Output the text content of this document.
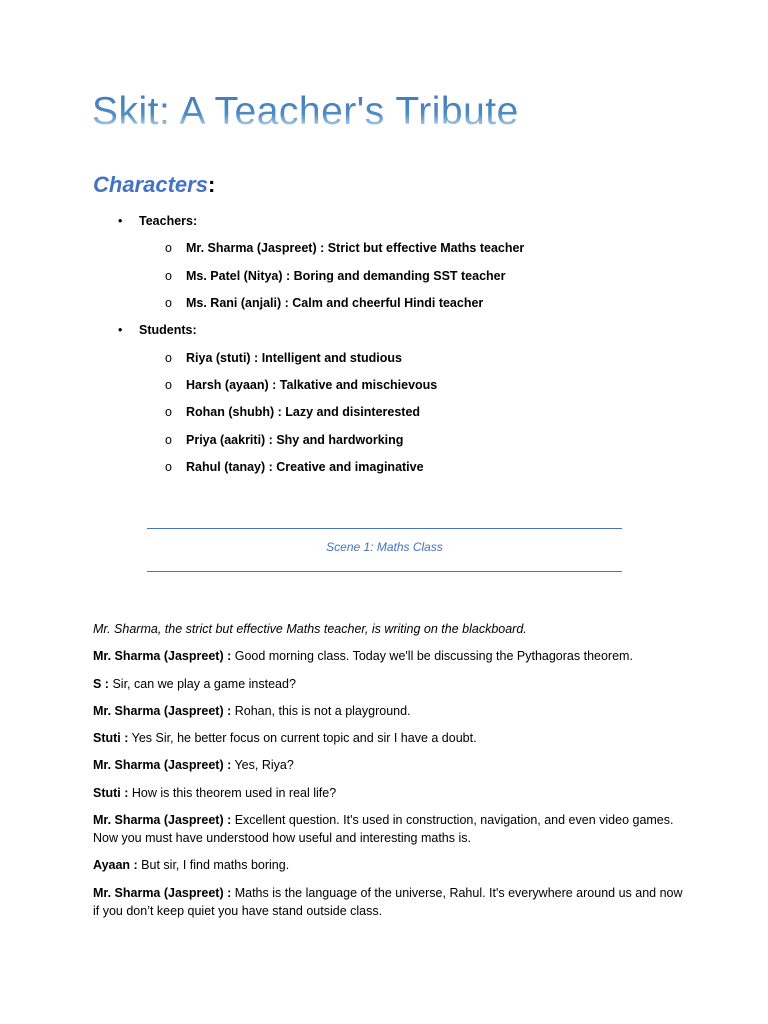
Skit: A Teacher's Tribute
Characters:
• Teachers:
o Mr. Sharma (Jaspreet) : Strict but effective Maths teacher
o Ms. Patel (Nitya) : Boring and demanding SST teacher
o Ms. Rani (anjali) : Calm and cheerful Hindi teacher
• Students:
o Riya (stuti) : Intelligent and studious
o Harsh (ayaan) : Talkative and mischievous
o Rohan (shubh) : Lazy and disinterested
o Priya (aakriti) : Shy and hardworking
o Rahul (tanay) : Creative and imaginative
Scene 1: Maths Class

Mr. Sharma, the strict but effective Maths teacher, is writing on the blackboard.

Mr. Sharma (Jaspreet) : Good morning class. Today we'll be discussing the Pythagoras theorem.

S : Sir, can we play a game instead?

Mr. Sharma (Jaspreet) : Rohan, this is not a playground.

Stuti : Yes Sir, he better focus on current topic and sir I have a doubt.

Mr. Sharma (Jaspreet) : Yes, Riya?

Stuti : How is this theorem used in real life?

Mr. Sharma (Jaspreet) : Excellent question. It's used in construction, navigation, and even video games. Now you must have understood how useful and interesting maths is.

Ayaan : But sir, I find maths boring.

Mr. Sharma (Jaspreet) : Maths is the language of the universe, Rahul. It's everywhere around us and now if you don’t keep quiet you have stand outside class.
